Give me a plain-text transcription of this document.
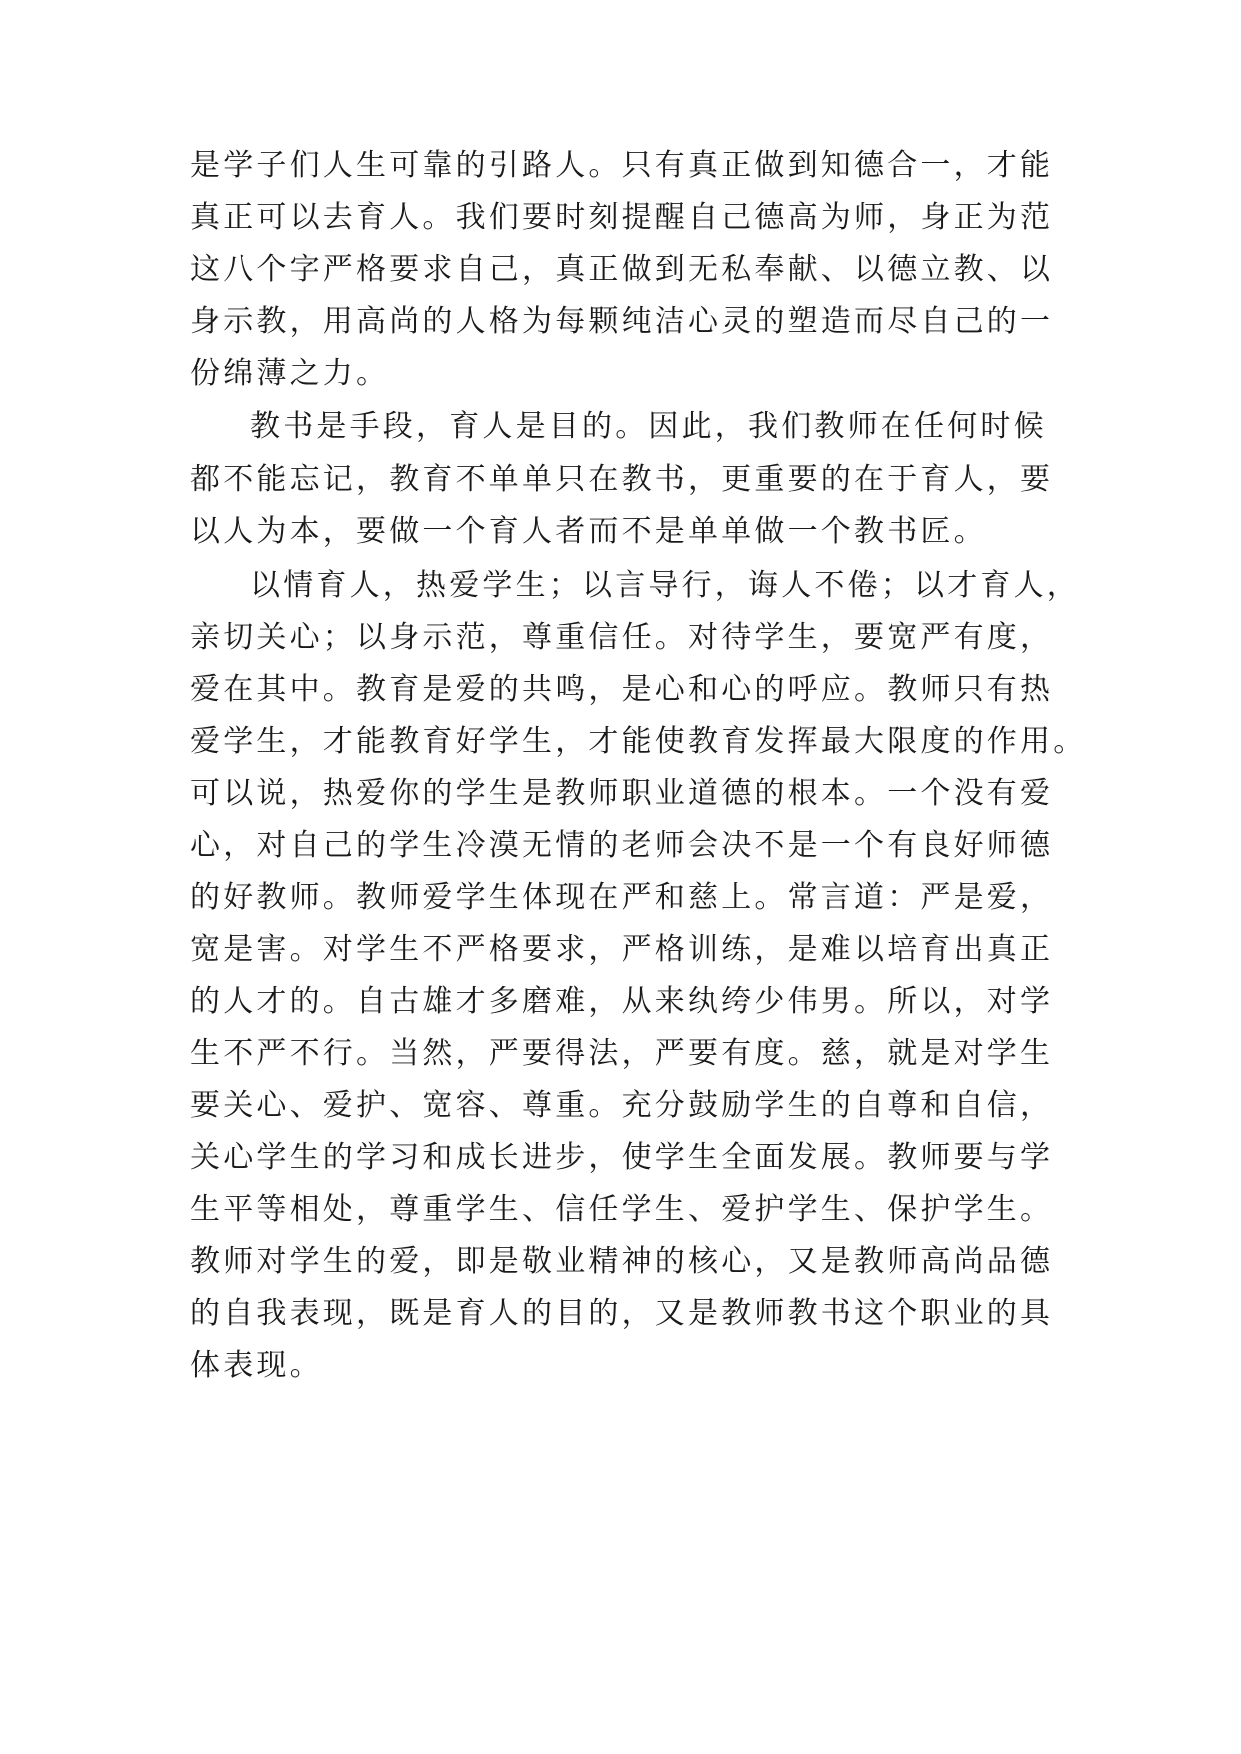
是学子们人生可靠的引路人。只有真正做到知德合一，才能
真正可以去育人。我们要时刻提醒自己德高为师，身正为范
这八个字严格要求自己，真正做到无私奉献、以德立教、以
身示教，用高尚的人格为每颗纯洁心灵的塑造而尽自己的一
份绵薄之力。
教书是手段，育人是目的。因此，我们教师在任何时候
都不能忘记，教育不单单只在教书，更重要的在于育人，要
以人为本，要做一个育人者而不是单单做一个教书匠。
以情育人，热爱学生；以言导行，诲人不倦；以才育人，
亲切关心；以身示范，尊重信任。对待学生，要宽严有度，
爱在其中。教育是爱的共鸣，是心和心的呼应。教师只有热
爱学生，才能教育好学生，才能使教育发挥最大限度的作用。
可以说，热爱你的学生是教师职业道德的根本。一个没有爱
心，对自己的学生冷漠无情的老师会决不是一个有良好师德
的好教师。教师爱学生体现在严和慈上。常言道：严是爱，
宽是害。对学生不严格要求，严格训练，是难以培育出真正
的人才的。自古雄才多磨难，从来纨绔少伟男。所以，对学
生不严不行。当然，严要得法，严要有度。慈，就是对学生
要关心、爱护、宽容、尊重。充分鼓励学生的自尊和自信，
关心学生的学习和成长进步，使学生全面发展。教师要与学
生平等相处，尊重学生、信任学生、爱护学生、保护学生。
教师对学生的爱，即是敬业精神的核心，又是教师高尚品德
的自我表现，既是育人的目的，又是教师教书这个职业的具
体表现。
